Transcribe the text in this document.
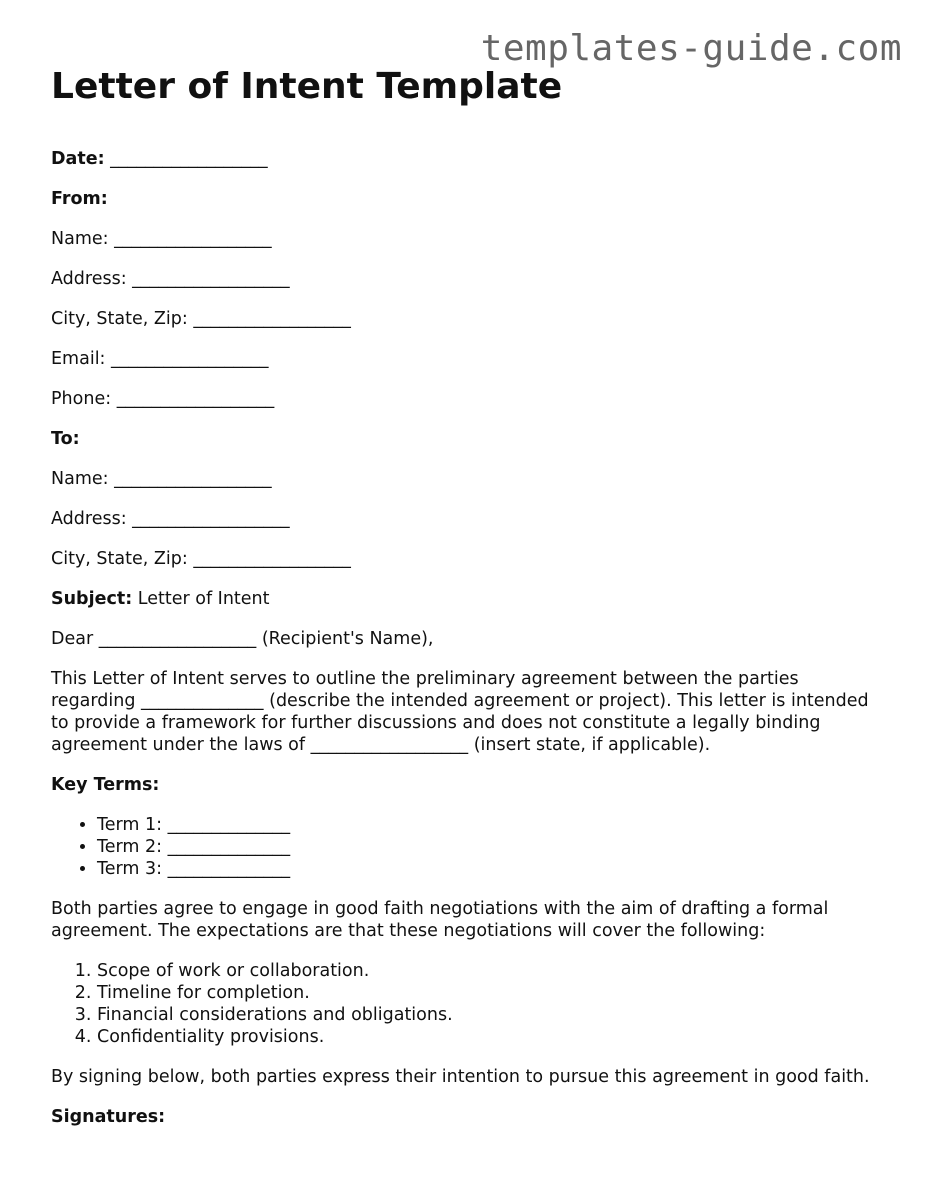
templates-guide.com
Letter of Intent Template

Date: __________________

From:

Name: __________________

Address: __________________

City, State, Zip: __________________

Email: __________________

Phone: __________________

To:

Name: __________________

Address: __________________

City, State, Zip: __________________

Subject: Letter of Intent

Dear __________________ (Recipient's Name),

This Letter of Intent serves to outline the preliminary agreement between the parties regarding ______________ (describe the intended agreement or project). This letter is intended to provide a framework for further discussions and does not constitute a legally binding agreement under the laws of __________________ (insert state, if applicable).

Key Terms:

• Term 1: ______________
• Term 2: ______________
• Term 3: ______________

Both parties agree to engage in good faith negotiations with the aim of drafting a formal agreement. The expectations are that these negotiations will cover the following:

1. Scope of work or collaboration.
2. Timeline for completion.
3. Financial considerations and obligations.
4. Confidentiality provisions.

By signing below, both parties express their intention to pursue this agreement in good faith.

Signatures:
